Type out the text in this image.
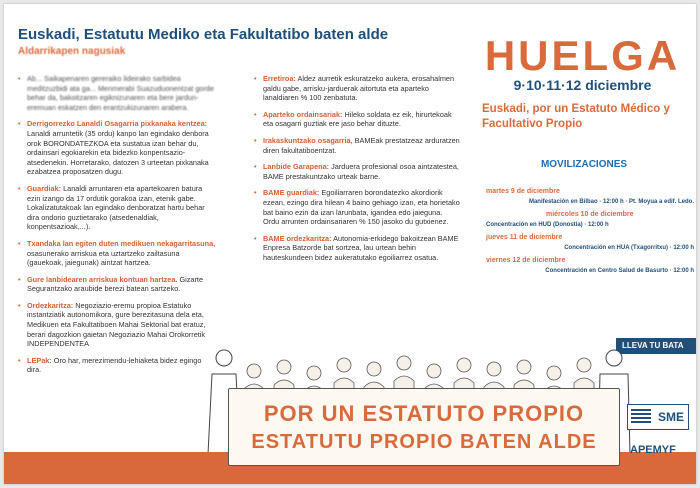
Euskadi, Estatutu Mediko eta Fakultatibo baten alde
Aldarrikapen nagusiak
• Ab... Saikapenaren gereraiko lideirako sarbidea meditzuzbidi ata ga... Menmerabi Suazuduonentzat gorde behar da, bakoitzaren egiknizunaren eta bere jardun-eremuan eskatzen den erantzukizunaren arabera.
• Derrigorrezko Lanaldi Osagarria pixkanaka kentzea: Lanaldi arruntetik (35 ordu) kanpo lan egindako denbora orok BORONDATEZKOA eta sustatua izan behar du, ordainsari egokiarekin eta bidezko konpentsazio-atsedenekin. Horretarako, datozen 3 urteetan pixkanaka ezabatzea proposatzen dugu.
• Guardiak: Lanaldi arruntaren eta apartekoaren batura ezin izango da 17 ordutik gorakoa izan, etenik gabe. Lokalizatutakoak lan egindako denboratzat hartu behar dira ondorio guztietarako (atsedenaldiak, konpentsazioak,...).
• Txandaka lan egiten duten medikuen nekagarritasuna, osasunerako arriskua eta uztartzeko zailtasuna (gauekoak, jaiegunak) aintzat hartzea.
• Gure lanbidearen arriskua kontuan hartzea. Gizarte Segurantzako araubide berezi batean sartzeko.
• Ordezkaritza: Negoziazio-eremu propioa Estatuko instantziatik autonomikora, gure berezitasuna dela eta, Medikuen eta Fakultatiboen Mahai Sektorial bat eratuz, berari dagozkion gaietan Negoziazio Mahai Orokorretik INDEPENDENTEA
• LEPak: Oro har, merezimendu-lehiaketa bidez egingo dira.
• Erretiroa: Aldez aurretik eskuratzeko aukera, erosahalmen galdu gabe, arrisku-jarduerak aitortuta eta aparteko lanaldiaren % 100 zenbatuta.
• Aparteko ordainsariak: Hileko soldata ez eik, hirurtekoak eta osagarri guztiak ere jaso behar dituzte.
• Irakaskuntzako osagarria, BAMEak prestatzeaz arduratzen diren fakultatiboentzat.
• Lanbide Garapena: Jarduera profesional osoa aintzatestea, BAME prestakuntzako urteak barne.
• BAME guardiak: Egoiliarraren borondatezko akordiorik ezean, ezingo dira hilean 4 baino gehiago izan, eta horietako bat baino ezin da izan larunbata, igandea edo jaieguna. Ordu arrunten ordainsariaren % 150 jasoko du gutxienez.
• BAME ordezkaritza: Autonomia-erkidego bakoitzean BAME Enpresa Batzorde bat sortzea, lau urtean behin hauteskundeen bidez aukeratutako egoiliarrez osatua.
HUELGA
9·10·11·12 diciembre
Euskadi, por un Estatuto Médico y Facultativo Propio
MOVILIZACIONES
martes 9 de diciembre
Manifestación en Bilbao · 12:00 h · Pt. Moyua a edif. Ledo.
miércoles 10 de diciembre
Concentración en HUD (Donostia) · 12:00 h
jueves 11 de diciembre
Concentración en HUA (Txagorritxu) · 12:00 h
viernes 12 de diciembre
Concentración en Centro Salud de Basurto · 12:00 h
LLEVA TU BATA
POR UN ESTATUTO PROPIO
ESTATUTU PROPIO BATEN ALDE
SME
APEMYF
